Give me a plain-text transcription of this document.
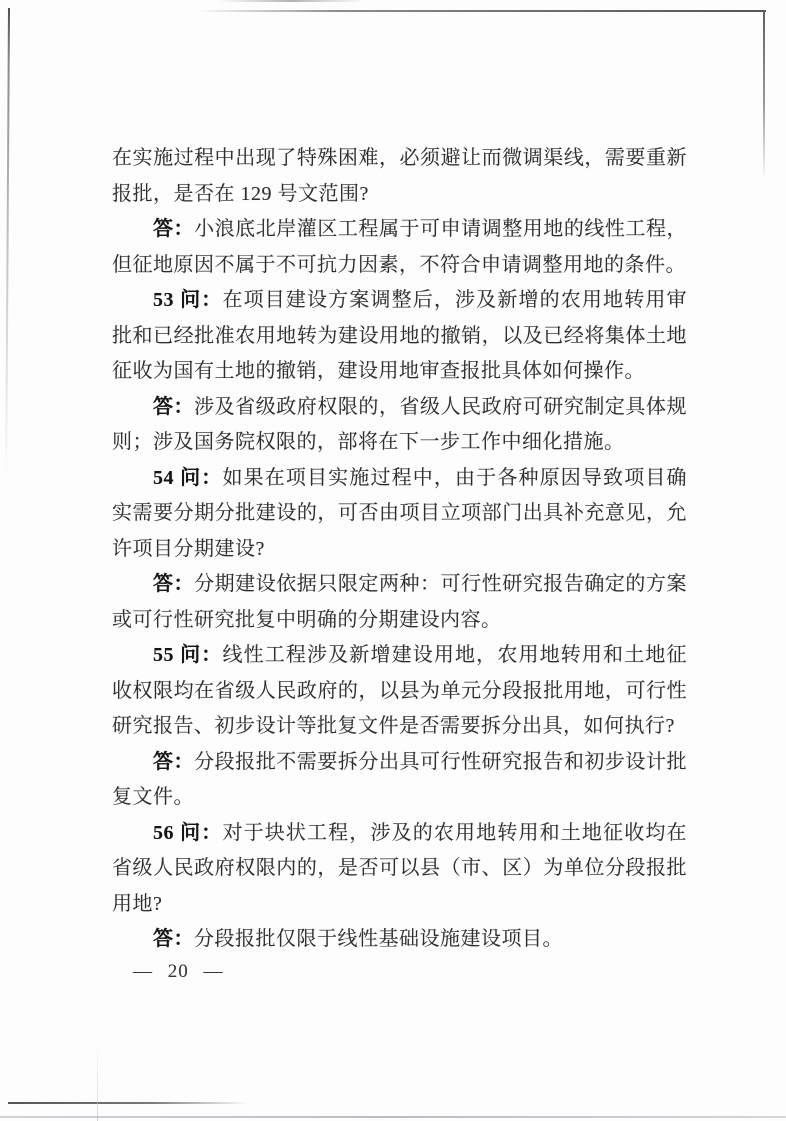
在实施过程中出现了特殊困难，必须避让而微调渠线，需要重新报批，是否在 129 号文范围?

答：小浪底北岸灌区工程属于可申请调整用地的线性工程，但征地原因不属于不可抗力因素，不符合申请调整用地的条件。

53 问：在项目建设方案调整后，涉及新增的农用地转用审批和已经批准农用地转为建设用地的撤销，以及已经将集体土地征收为国有土地的撤销，建设用地审查报批具体如何操作。

答：涉及省级政府权限的，省级人民政府可研究制定具体规则；涉及国务院权限的，部将在下一步工作中细化措施。

54 问：如果在项目实施过程中，由于各种原因导致项目确实需要分期分批建设的，可否由项目立项部门出具补充意见，允许项目分期建设?

答：分期建设依据只限定两种：可行性研究报告确定的方案或可行性研究批复中明确的分期建设内容。

55 问：线性工程涉及新增建设用地，农用地转用和土地征收权限均在省级人民政府的，以县为单元分段报批用地，可行性研究报告、初步设计等批复文件是否需要拆分出具，如何执行?

答：分段报批不需要拆分出具可行性研究报告和初步设计批复文件。

56 问：对于块状工程，涉及的农用地转用和土地征收均在省级人民政府权限内的，是否可以县（市、区）为单位分段报批用地?

答：分段报批仅限于线性基础设施建设项目。

— 20 —
